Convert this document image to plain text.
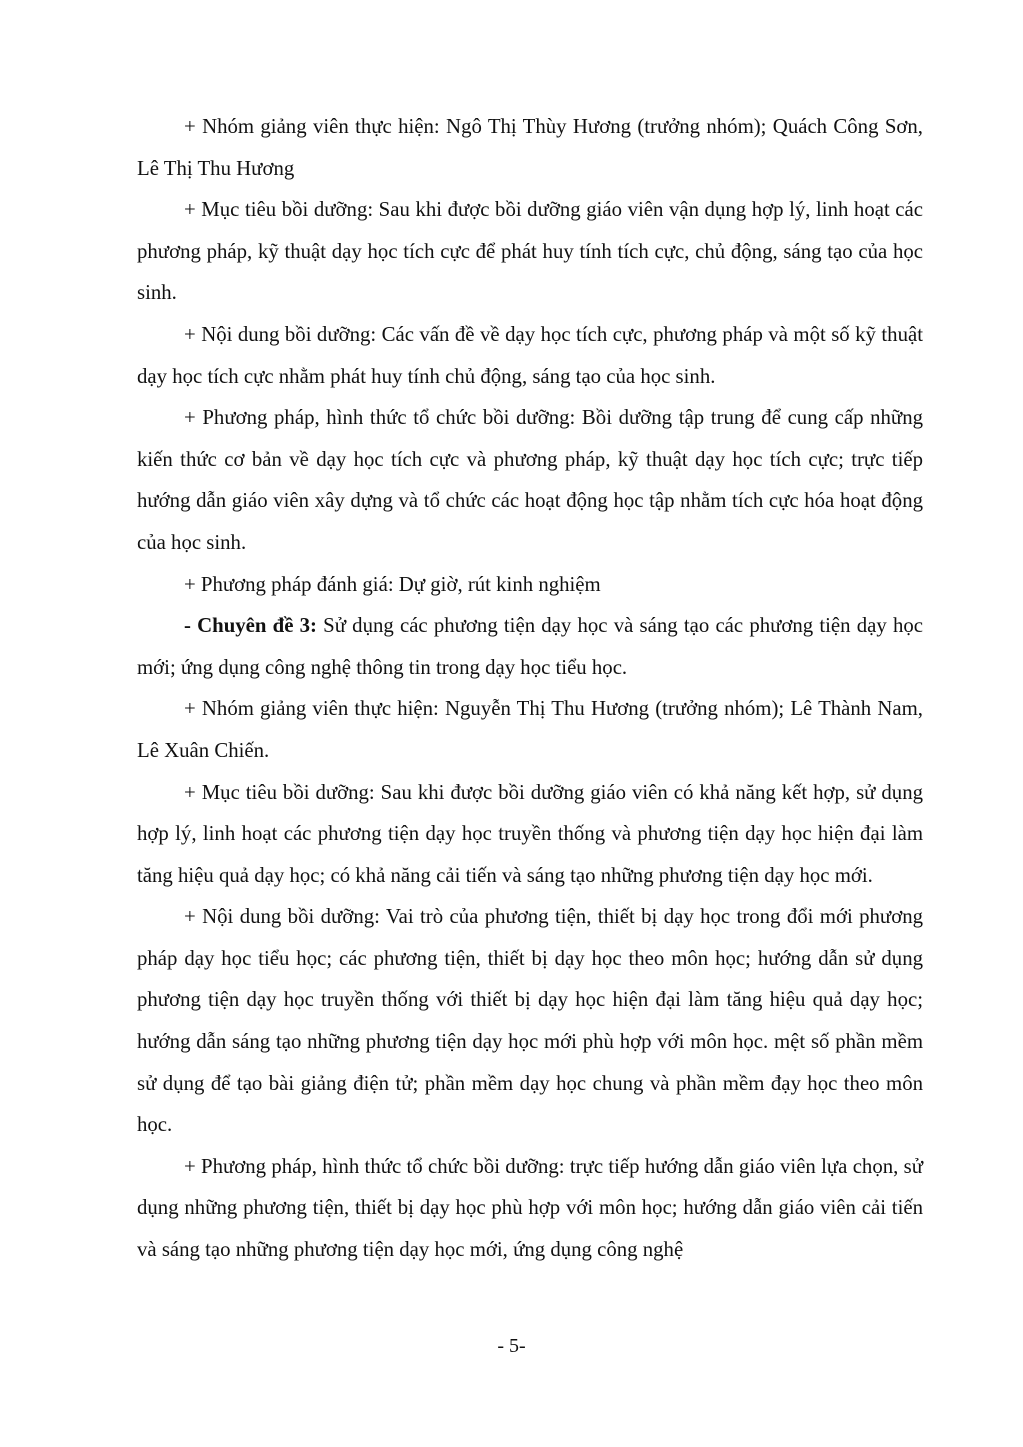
+ Nhóm giảng viên thực hiện: Ngô Thị Thùy Hương (trưởng nhóm); Quách Công Sơn, Lê Thị Thu Hương

+ Mục tiêu bồi dưỡng: Sau khi được bồi dưỡng giáo viên vận dụng hợp lý, linh hoạt các phương pháp, kỹ thuật dạy học tích cực để phát huy tính tích cực, chủ động, sáng tạo của học sinh.

+ Nội dung bồi dưỡng: Các vấn đề về dạy học tích cực, phương pháp và một số kỹ thuật dạy học tích cực nhằm phát huy tính chủ động, sáng tạo của học sinh.

+ Phương pháp, hình thức tổ chức bồi dưỡng: Bồi dưỡng tập trung để cung cấp những kiến thức cơ bản về dạy học tích cực và phương pháp, kỹ thuật dạy học tích cực; trực tiếp hướng dẫn giáo viên xây dựng và tổ chức các hoạt động học tập nhằm tích cực hóa hoạt động của học sinh.

+ Phương pháp đánh giá: Dự giờ, rút kinh nghiệm

- Chuyên đề 3: Sử dụng các phương tiện dạy học và sáng tạo các phương tiện dạy học mới; ứng dụng công nghệ thông tin trong dạy học tiểu học.

+ Nhóm giảng viên thực hiện: Nguyễn Thị Thu Hương (trưởng nhóm); Lê Thành Nam, Lê Xuân Chiến.

+ Mục tiêu bồi dưỡng: Sau khi được bồi dưỡng giáo viên có khả năng kết hợp, sử dụng hợp lý, linh hoạt các phương tiện dạy học truyền thống và phương tiện dạy học hiện đại làm tăng hiệu quả dạy học; có khả năng cải tiến và sáng tạo những phương tiện dạy học mới.

+ Nội dung bồi dưỡng: Vai trò của phương tiện, thiết bị dạy học trong đổi mới phương pháp dạy học tiểu học; các phương tiện, thiết bị dạy học theo môn học; hướng dẫn sử dụng phương tiện dạy học truyền thống với thiết bị dạy học hiện đại làm tăng hiệu quả dạy học; hướng dẫn sáng tạo những phương tiện dạy học mới phù hợp với môn học. mệt số phần mềm sử dụng để tạo bài giảng điện tử; phần mềm dạy học chung và phần mềm đạy học theo môn học.

+ Phương pháp, hình thức tổ chức bồi dưỡng: trực tiếp hướng dẫn giáo viên lựa chọn, sử dụng những phương tiện, thiết bị dạy học phù hợp với môn học; hướng dẫn giáo viên cải tiến và sáng tạo những phương tiện dạy học mới, ứng dụng công nghệ

- 5-
